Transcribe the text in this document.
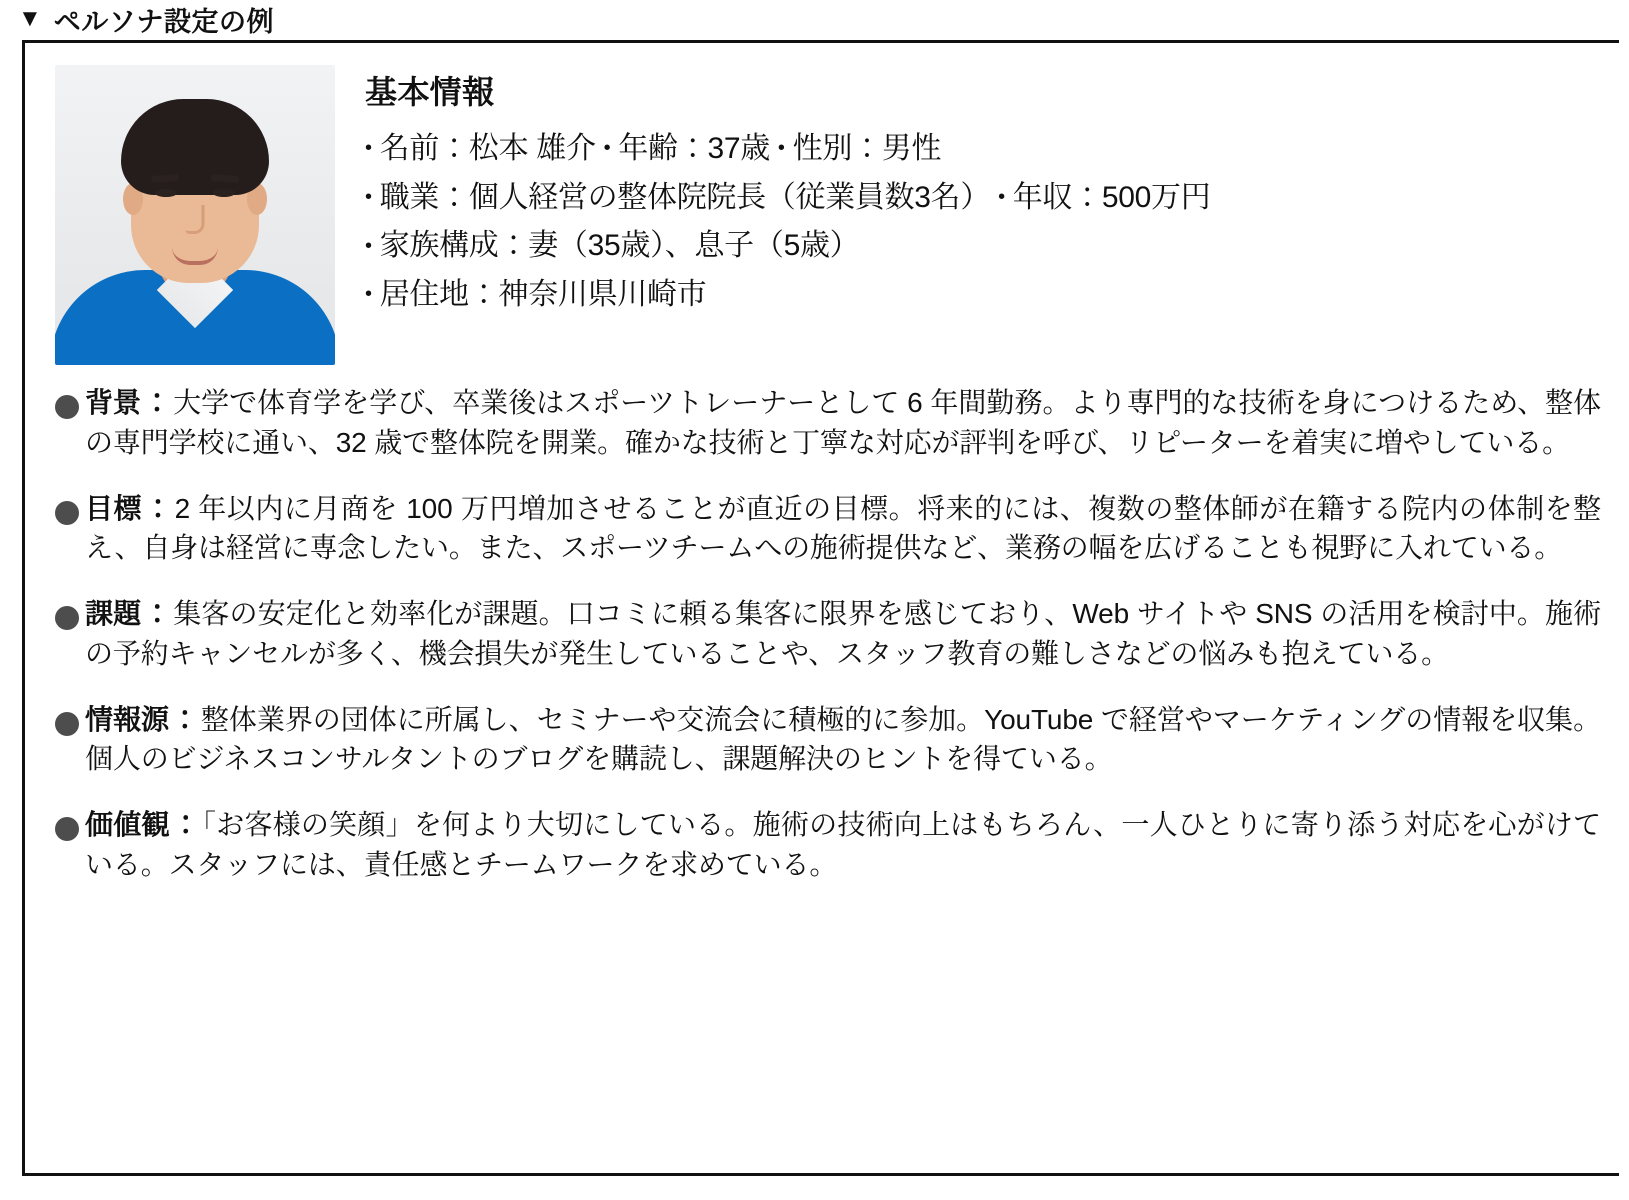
▼ ペルソナ設定の例
基本情報
• 名前：松本 雄介 • 年齢：37歳 • 性別：男性
• 職業：個人経営の整体院院長（従業員数3名） • 年収：500万円
• 家族構成：妻（35歳）、息子（5歳）
• 居住地：神奈川県川崎市
背景：大学で体育学を学び、卒業後はスポーツトレーナーとして 6 年間勤務。より専門的な技術を身につけるため、整体の専門学校に通い、32 歳で整体院を開業。確かな技術と丁寧な対応が評判を呼び、リピーターを着実に増やしている。
目標：2 年以内に月商を 100 万円増加させることが直近の目標。将来的には、複数の整体師が在籍する院内の体制を整え、自身は経営に専念したい。また、スポーツチームへの施術提供など、業務の幅を広げることも視野に入れている。
課題：集客の安定化と効率化が課題。口コミに頼る集客に限界を感じており、Web サイトや SNS の活用を検討中。施術の予約キャンセルが多く、機会損失が発生していることや、スタッフ教育の難しさなどの悩みも抱えている。
情報源：整体業界の団体に所属し、セミナーや交流会に積極的に参加。YouTube で経営やマーケティングの情報を収集。個人のビジネスコンサルタントのブログを購読し、課題解決のヒントを得ている。
価値観：「お客様の笑顔」を何より大切にしている。施術の技術向上はもちろん、一人ひとりに寄り添う対応を心がけている。スタッフには、責任感とチームワークを求めている。
